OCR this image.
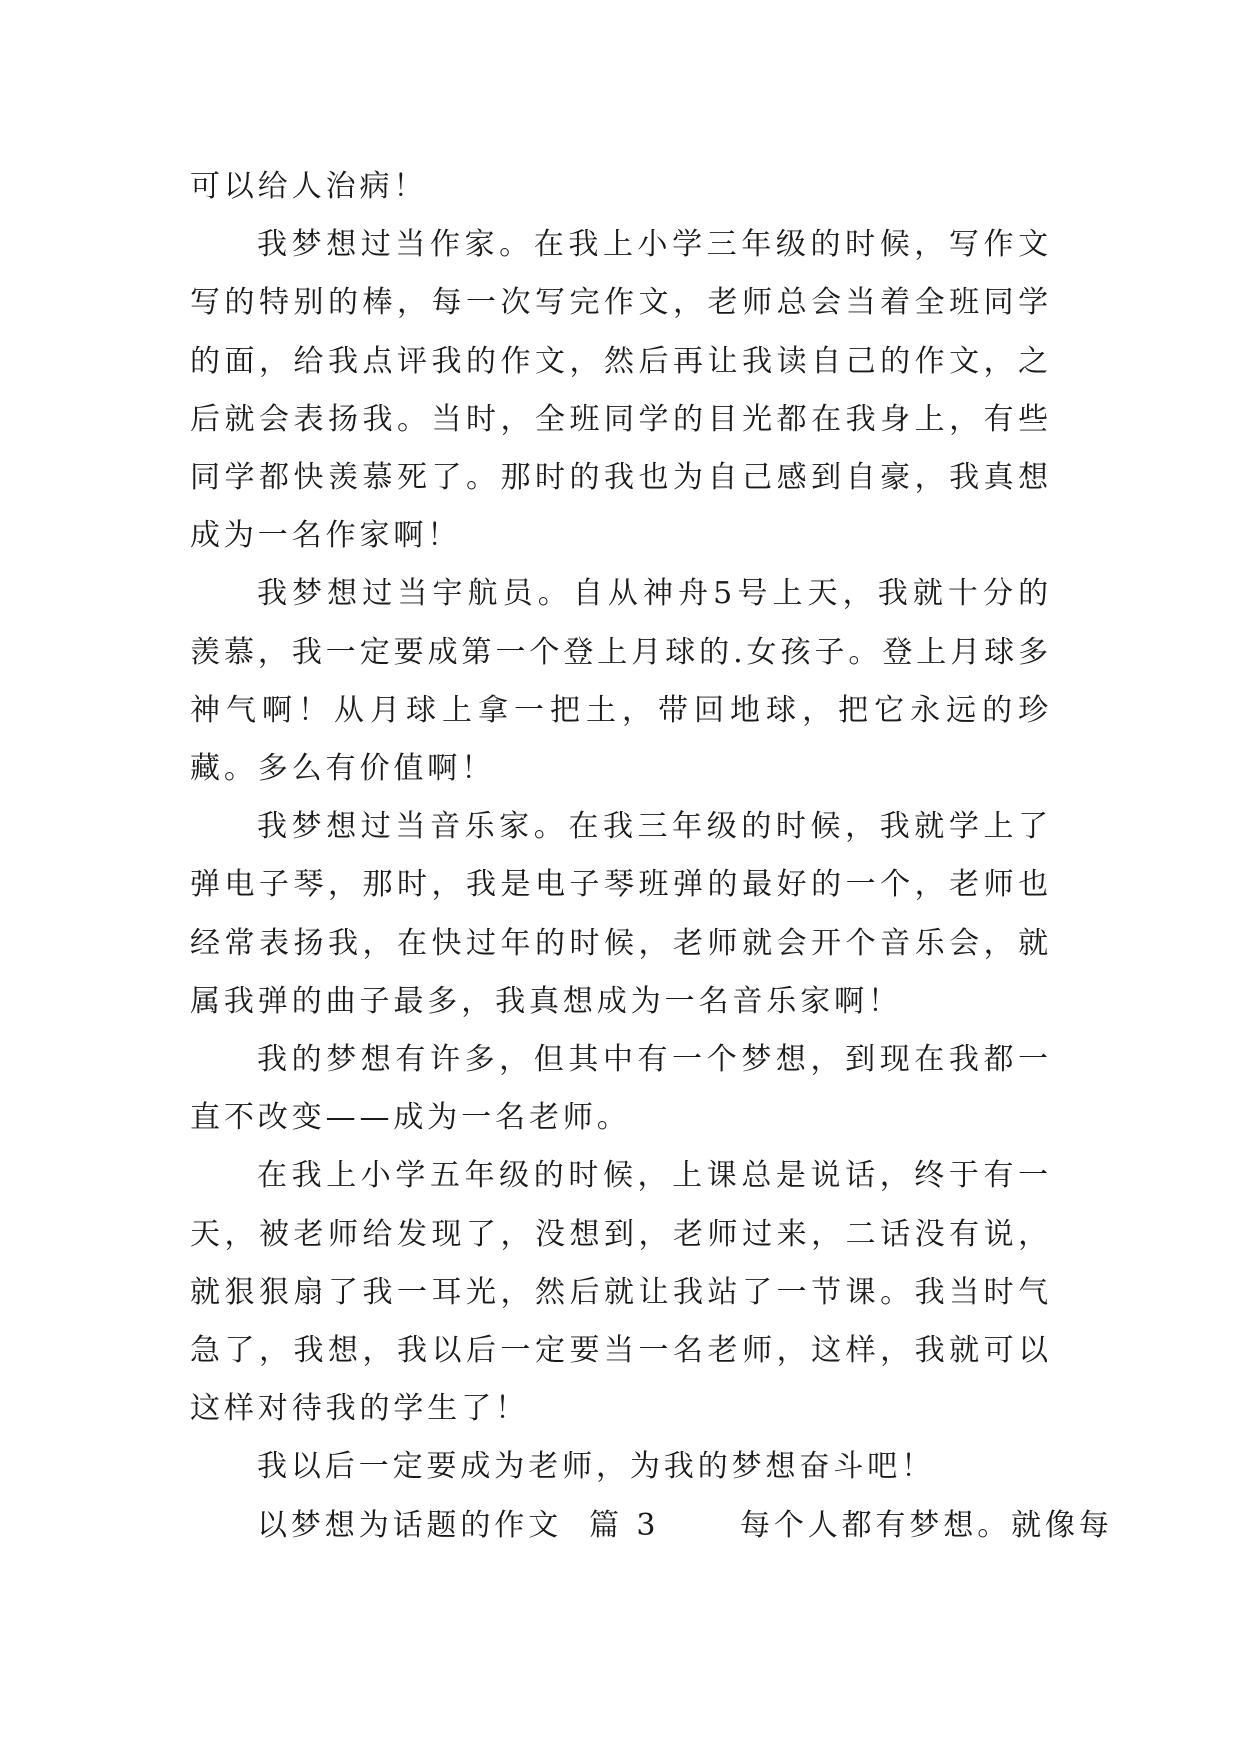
可以给人治病！

我梦想过当作家。在我上小学三年级的时候，写作文写的特别的棒，每一次写完作文，老师总会当着全班同学的面，给我点评我的作文，然后再让我读自己的作文，之后就会表扬我。当时，全班同学的目光都在我身上，有些同学都快羡慕死了。那时的我也为自己感到自豪，我真想成为一名作家啊！

我梦想过当宇航员。自从神舟5号上天，我就十分的羡慕，我一定要成第一个登上月球的.女孩子。登上月球多神气啊！从月球上拿一把土，带回地球，把它永远的珍藏。多么有价值啊！

我梦想过当音乐家。在我三年级的时候，我就学上了弹电子琴，那时，我是电子琴班弹的最好的一个，老师也经常表扬我，在快过年的时候，老师就会开个音乐会，就属我弹的曲子最多，我真想成为一名音乐家啊！

我的梦想有许多，但其中有一个梦想，到现在我都一直不改变——成为一名老师。

在我上小学五年级的时候，上课总是说话，终于有一天，被老师给发现了，没想到，老师过来，二话没有说，就狠狠扇了我一耳光，然后就让我站了一节课。我当时气急了，我想，我以后一定要当一名老师，这样，我就可以这样对待我的学生了！

我以后一定要成为老师，为我的梦想奋斗吧！

以梦想为话题的作文 篇 3	每个人都有梦想。就像每
